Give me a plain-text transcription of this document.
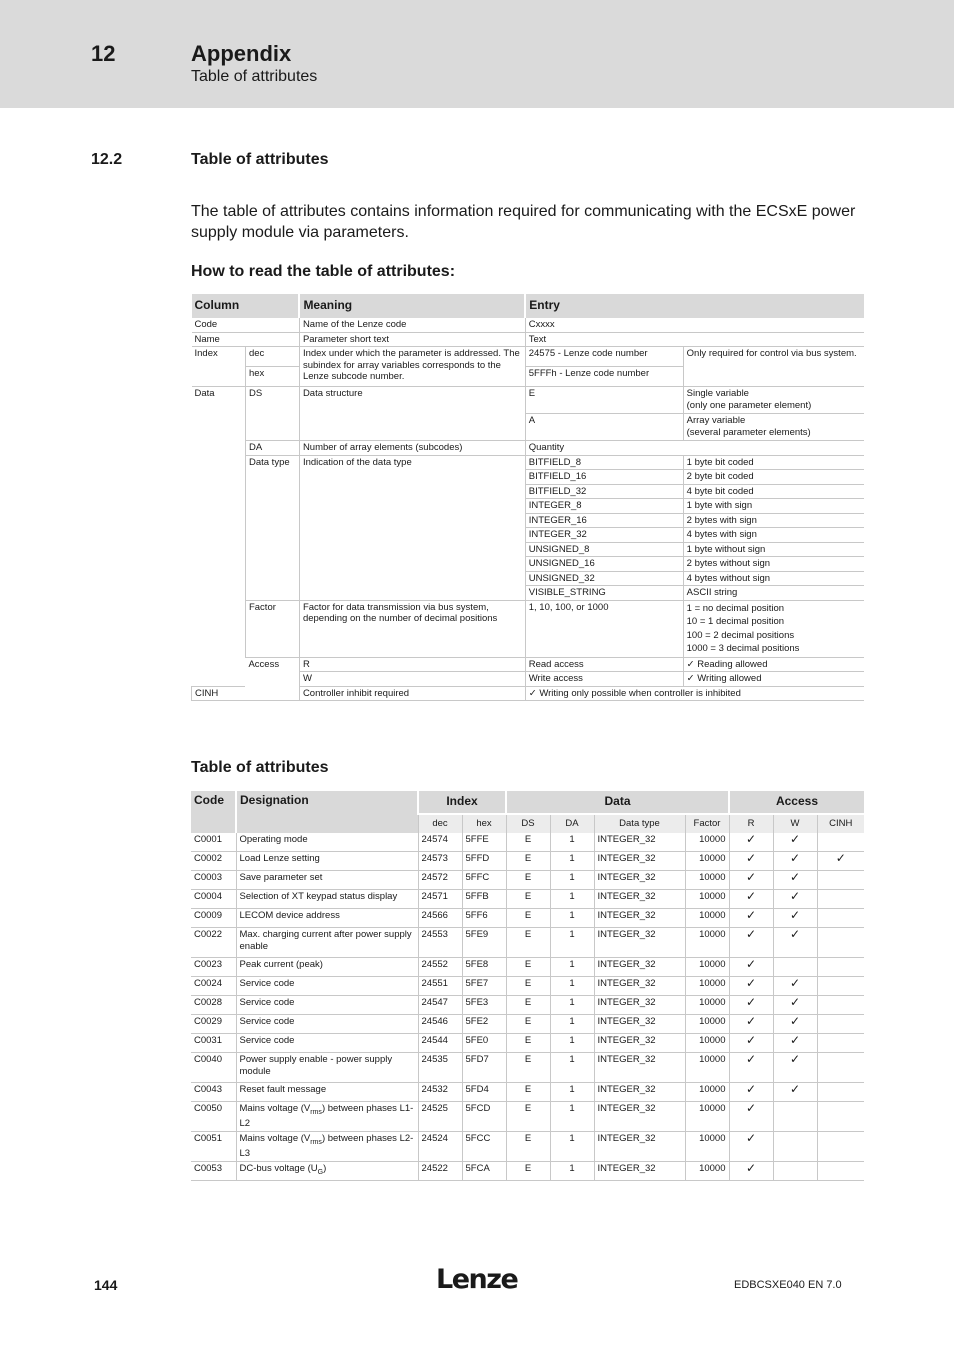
12	Appendix
Table of attributes
12.2	Table of attributes
The table of attributes contains information required for communicating with the ECSxE power supply module via parameters.
How to read the table of attributes:
Column		Meaning	Entry	
Code		Name of the Lenze code	Cxxxx	
Name		Parameter short text	Text	
Index	dec	Index under which the parameter is addressed. The subindex for array variables corresponds to the Lenze subcode number.	24575 - Lenze code number	Only required for control via bus system.
	hex		5FFFh - Lenze code number	
Data	DS	Data structure	E	Single variable
(only one parameter element)

			A	Array variable
(several parameter elements)

	DA	Number of array elements (subcodes)	Quantity	
	Data type	Indication of the data type	BITFIELD_8	1 byte bit coded
			BITFIELD_16	2 byte bit coded
			BITFIELD_32	4 byte bit coded
			INTEGER_8	1 byte with sign
			INTEGER_16	2 bytes with sign
			INTEGER_32	4 bytes with sign
			UNSIGNED_8	1 byte without sign
			UNSIGNED_16	2 bytes without sign
			UNSIGNED_32	4 bytes without sign
			VISIBLE_STRING	ASCII string
	Factor	Factor for data transmission via bus system, depending on the number of decimal positions	1, 10, 100, or 1000	1 = no decimal position
10 = 1 decimal position
100 = 2 decimal positions
1000 = 3 decimal positions

	Access	R	Read access	✓ Reading allowed
		W	Write access	✓ Writing allowed
CINH		Controller inhibit required	✓ Writing only possible when controller is inhibited	
Table of attributes
Code	Designation	Index		Data				Access		
		dec	hex	DS	DA	Data type	Factor	R	W	CINH
C0001	Operating mode	24574	5FFE	E	1	INTEGER_32	10000	✓	✓	
C0002	Load Lenze setting	24573	5FFD	E	1	INTEGER_32	10000	✓	✓	✓
C0003	Save parameter set	24572	5FFC	E	1	INTEGER_32	10000	✓	✓	
C0004	Selection of XT keypad status display	24571	5FFB	E	1	INTEGER_32	10000	✓	✓	
C0009	LECOM device address	24566	5FF6	E	1	INTEGER_32	10000	✓	✓	
C0022	Max. charging current after power supply enable	24553	5FE9	E	1	INTEGER_32	10000	✓	✓	
C0023	Peak current (peak)	24552	5FE8	E	1	INTEGER_32	10000	✓		
C0024	Service code	24551	5FE7	E	1	INTEGER_32	10000	✓	✓	
C0028	Service code	24547	5FE3	E	1	INTEGER_32	10000	✓	✓	
C0029	Service code	24546	5FE2	E	1	INTEGER_32	10000	✓	✓	
C0031	Service code	24544	5FE0	E	1	INTEGER_32	10000	✓	✓	
C0040	Power supply enable - power supply module	24535	5FD7	E	1	INTEGER_32	10000	✓	✓	
C0043	Reset fault message	24532	5FD4	E	1	INTEGER_32	10000	✓	✓	
C0050	Mains voltage $(V_{rms})$ between phases L1-L2	24525	5FCD	E	1	INTEGER_32	10000	✓		
C0051	Mains voltage $(V_{rms})$ between phases L2-L3	24524	5FCC	E	1	INTEGER_32	10000	✓		
C0053	DC-bus voltage $(U_G)$	24522	5FCA	E	1	INTEGER_32	10000	✓		
144	Lenze	EDBCSXE040 EN 7.0
